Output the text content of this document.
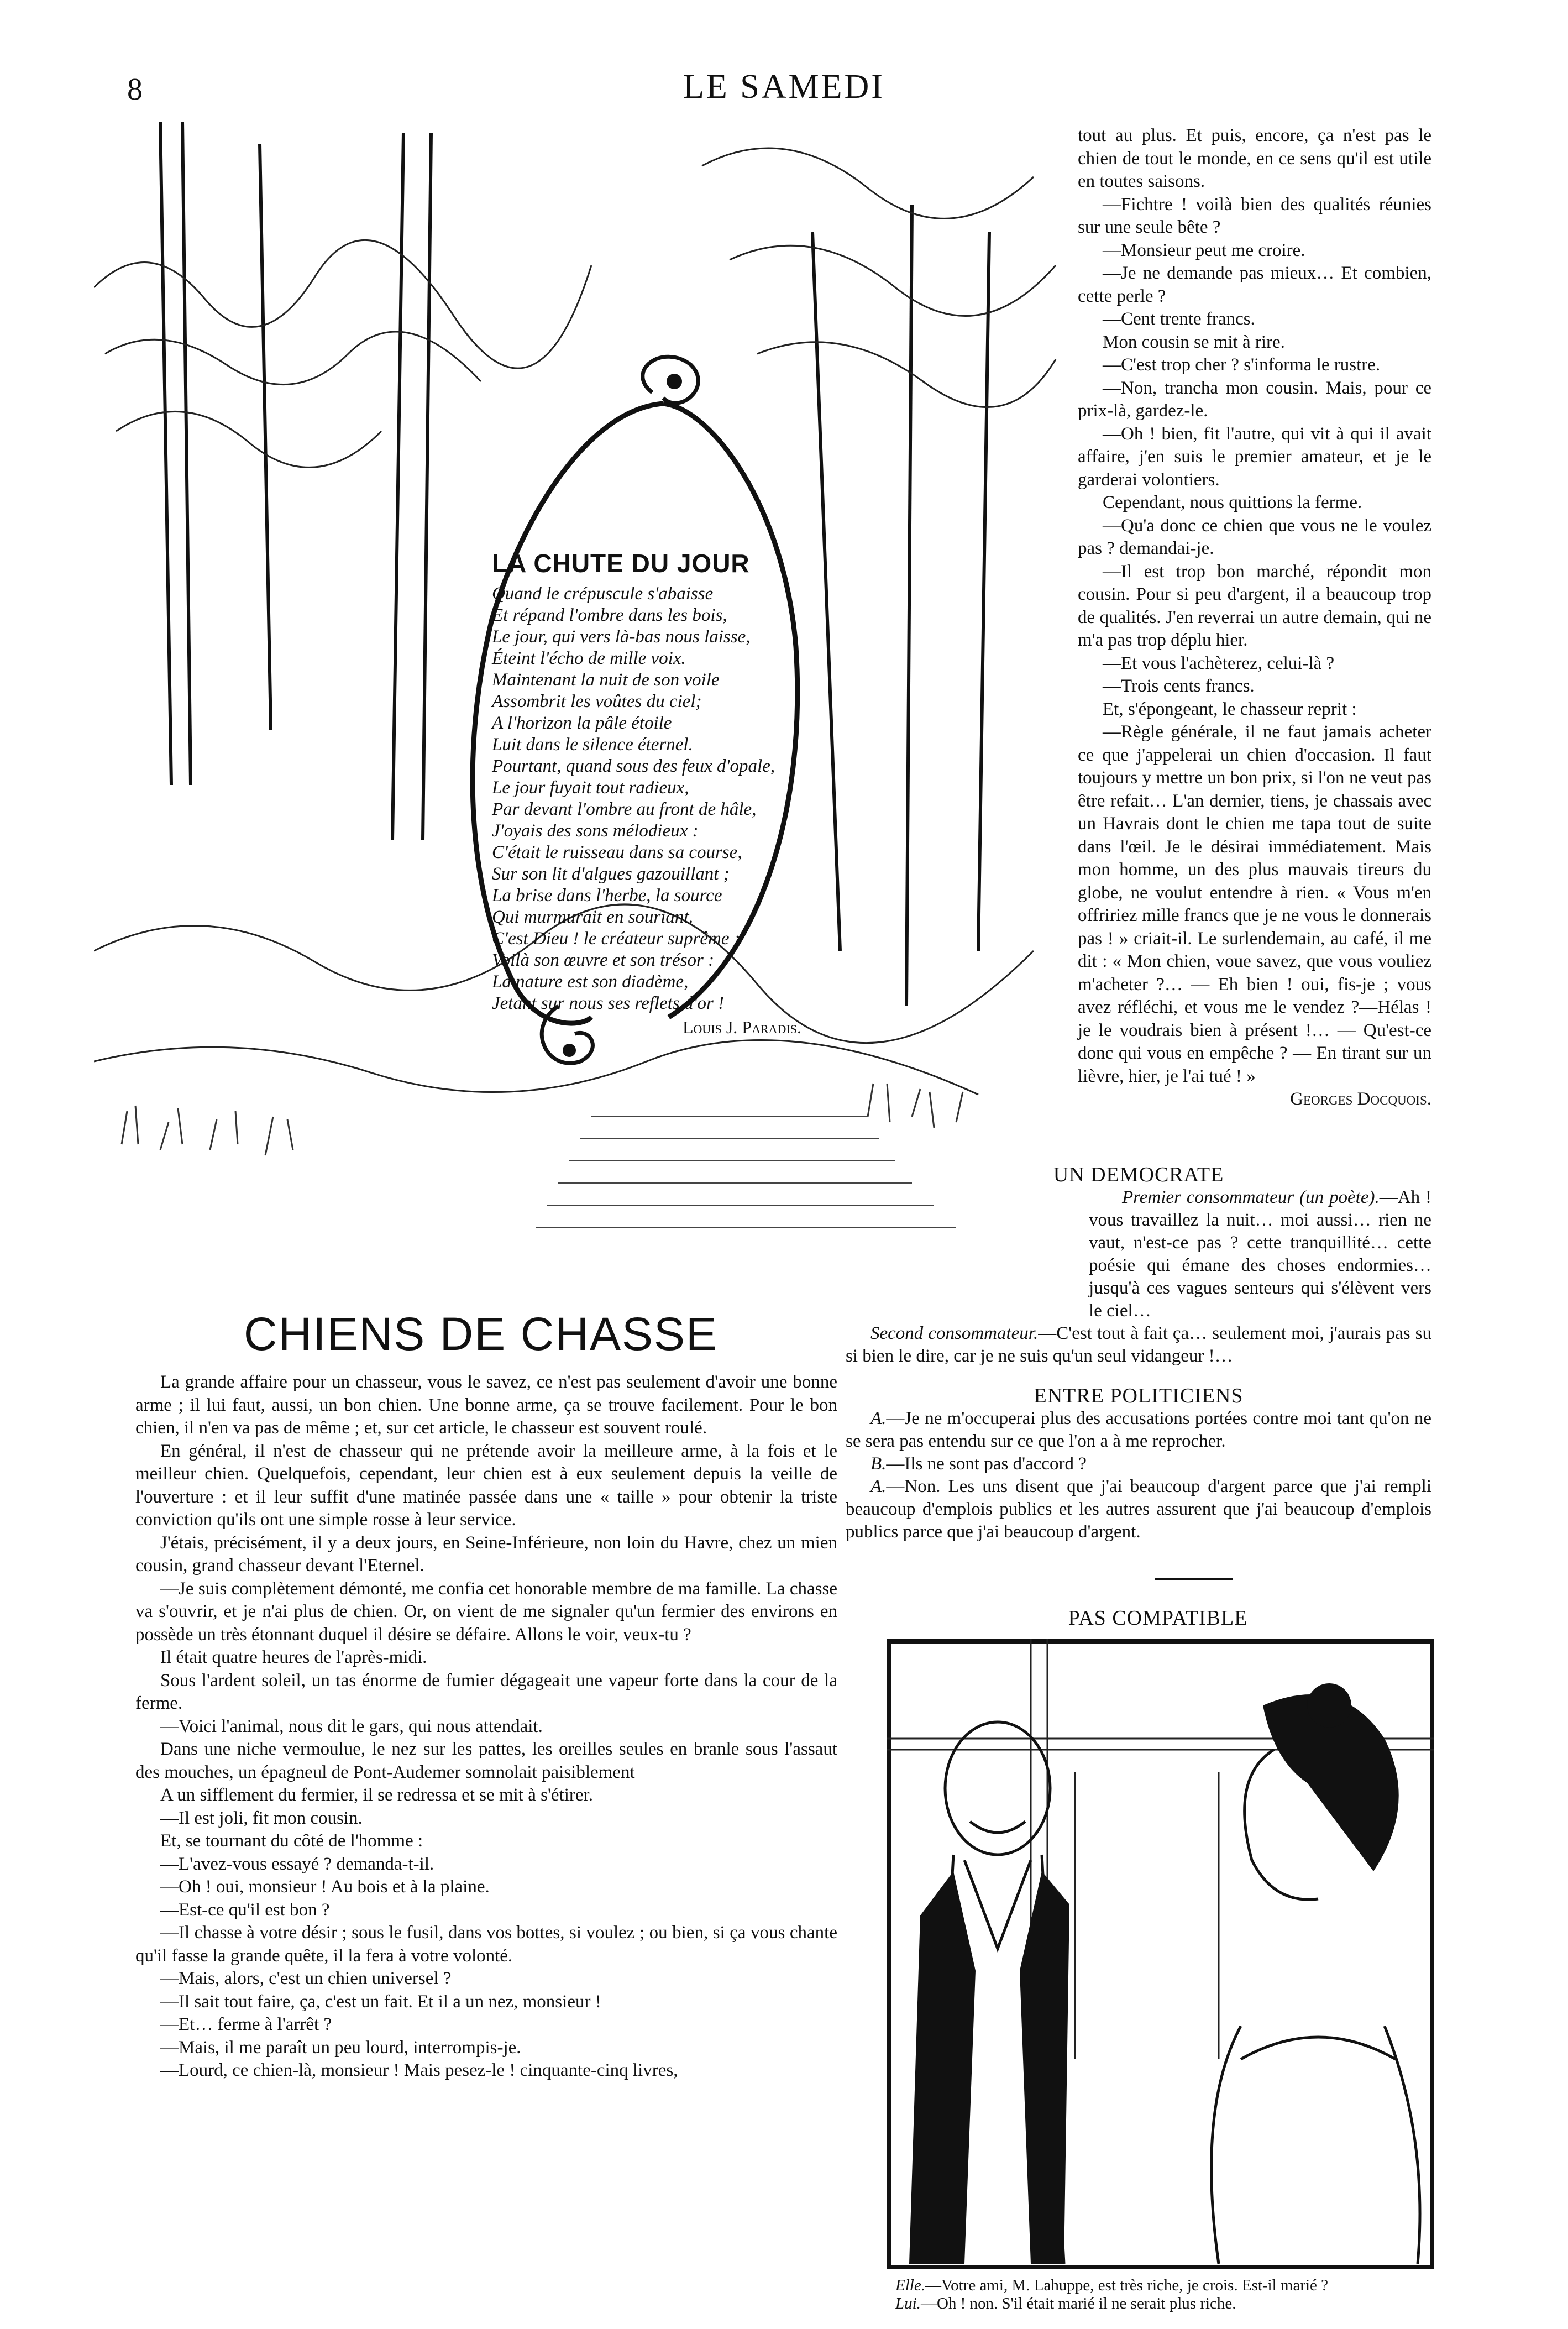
8	LE SAMEDI
LA CHUTE DU JOUR
Quand le crépuscule s'abaisse
Et répand l'ombre dans les bois,
Le jour, qui vers là-bas nous laisse,
Éteint l'écho de mille voix.
Maintenant la nuit de son voile
Assombrit les voûtes du ciel;
A l'horizon la pâle étoile
Luit dans le silence éternel.
Pourtant, quand sous des feux d'opale,
Le jour fuyait tout radieux,
Par devant l'ombre au front de hâle,
J'oyais des sons mélodieux :
C'était le ruisseau dans sa course,
Sur son lit d'algues gazouillant ;
La brise dans l'herbe, la source
Qui murmurait en souriant.
C'est Dieu ! le créateur suprême ;
Voilà son œuvre et son trésor :
La nature est son diadème,
Jetant sur nous ses reflets d'or !
Louis J. Paradis.

tout au plus. Et puis, encore, ça n'est pas le chien de tout le monde, en ce sens qu'il est utile en toutes saisons.

—Fichtre ! voilà bien des qualités réunies sur une seule bête ?

—Monsieur peut me croire.

—Je ne demande pas mieux… Et combien, cette perle ?

—Cent trente francs.

Mon cousin se mit à rire.

—C'est trop cher ? s'informa le rustre.

—Non, trancha mon cousin. Mais, pour ce prix-là, gardez-le.

—Oh ! bien, fit l'autre, qui vit à qui il avait affaire, j'en suis le premier amateur, et je le garderai volontiers.

Cependant, nous quittions la ferme.

—Qu'a donc ce chien que vous ne le voulez pas ? demandai-je.

—Il est trop bon marché, répondit mon cousin. Pour si peu d'argent, il a beaucoup trop de qualités. J'en reverrai un autre demain, qui ne m'a pas trop déplu hier.

—Et vous l'achèterez, celui-là ?

—Trois cents francs.

Et, s'épongeant, le chasseur reprit :

—Règle générale, il ne faut jamais acheter ce que j'appelerai un chien d'occasion. Il faut toujours y mettre un bon prix, si l'on ne veut pas être refait… L'an dernier, tiens, je chassais avec un Havrais dont le chien me tapa tout de suite dans l'œil. Je le désirai immédiatement. Mais mon homme, un des plus mauvais tireurs du globe, ne voulut entendre à rien. « Vous m'en offririez mille francs que je ne vous le donnerais pas ! » criait-il. Le surlendemain, au café, il me dit : « Mon chien, voue savez, que vous vouliez m'acheter ?… — Eh bien ! oui, fis-je ; vous avez réfléchi, et vous me le vendez ?—Hélas ! je le voudrais bien à présent !… — Qu'est-ce donc qui vous en empêche ? — En tirant sur un lièvre, hier, je l'ai tué ! »

Georges Docquois.

UN DEMOCRATE

Premier consommateur (un poète).—Ah ! vous travaillez la nuit… moi aussi… rien ne vaut, n'est-ce pas ? cette tranquillité… cette poésie qui émane des choses endormies… jusqu'à ces vagues senteurs qui s'élèvent vers le ciel…

Second consommateur.—C'est tout à fait ça… seulement moi, j'aurais pas su si bien le dire, car je ne suis qu'un seul vidangeur !…

ENTRE POLITICIENS

A.—Je ne m'occuperai plus des accusations portées contre moi tant qu'on ne se sera pas entendu sur ce que l'on a à me reprocher.

B.—Ils ne sont pas d'accord ?

A.—Non. Les uns disent que j'ai beaucoup d'argent parce que j'ai rempli beaucoup d'emplois publics et les autres assurent que j'ai beaucoup d'emplois publics parce que j'ai beaucoup d'argent.

CHIENS DE CHASSE

La grande affaire pour un chasseur, vous le savez, ce n'est pas seulement d'avoir une bonne arme ; il lui faut, aussi, un bon chien. Une bonne arme, ça se trouve facilement. Pour le bon chien, il n'en va pas de même ; et, sur cet article, le chasseur est souvent roulé.

En général, il n'est de chasseur qui ne prétende avoir la meilleure arme, à la fois et le meilleur chien. Quelquefois, cependant, leur chien est à eux seulement depuis la veille de l'ouverture : et il leur suffit d'une matinée passée dans une « taille » pour obtenir la triste conviction qu'ils ont une simple rosse à leur service.

J'étais, précisément, il y a deux jours, en Seine-Inférieure, non loin du Havre, chez un mien cousin, grand chasseur devant l'Eternel.

—Je suis complètement démonté, me confia cet honorable membre de ma famille. La chasse va s'ouvrir, et je n'ai plus de chien. Or, on vient de me signaler qu'un fermier des environs en possède un très étonnant duquel il désire se défaire. Allons le voir, veux-tu ?

Il était quatre heures de l'après-midi.

Sous l'ardent soleil, un tas énorme de fumier dégageait une vapeur forte dans la cour de la ferme.

—Voici l'animal, nous dit le gars, qui nous attendait.

Dans une niche vermoulue, le nez sur les pattes, les oreilles seules en branle sous l'assaut des mouches, un épagneul de Pont-Audemer somnolait paisiblement

A un sifflement du fermier, il se redressa et se mit à s'étirer.

—Il est joli, fit mon cousin.

Et, se tournant du côté de l'homme :

—L'avez-vous essayé ? demanda-t-il.

—Oh ! oui, monsieur ! Au bois et à la plaine.

—Est-ce qu'il est bon ?

—Il chasse à votre désir ; sous le fusil, dans vos bottes, si voulez ; ou bien, si ça vous chante qu'il fasse la grande quête, il la fera à votre volonté.

—Mais, alors, c'est un chien universel ?

—Il sait tout faire, ça, c'est un fait. Et il a un nez, monsieur !

—Et… ferme à l'arrêt ?

—Mais, il me paraît un peu lourd, interrompis-je.

—Lourd, ce chien-là, monsieur ! Mais pesez-le ! cinquante-cinq livres,

PAS COMPATIBLE
Elle.—Votre ami, M. Lahuppe, est très riche, je crois. Est-il marié ?
Lui.—Oh ! non. S'il était marié il ne serait plus riche.
